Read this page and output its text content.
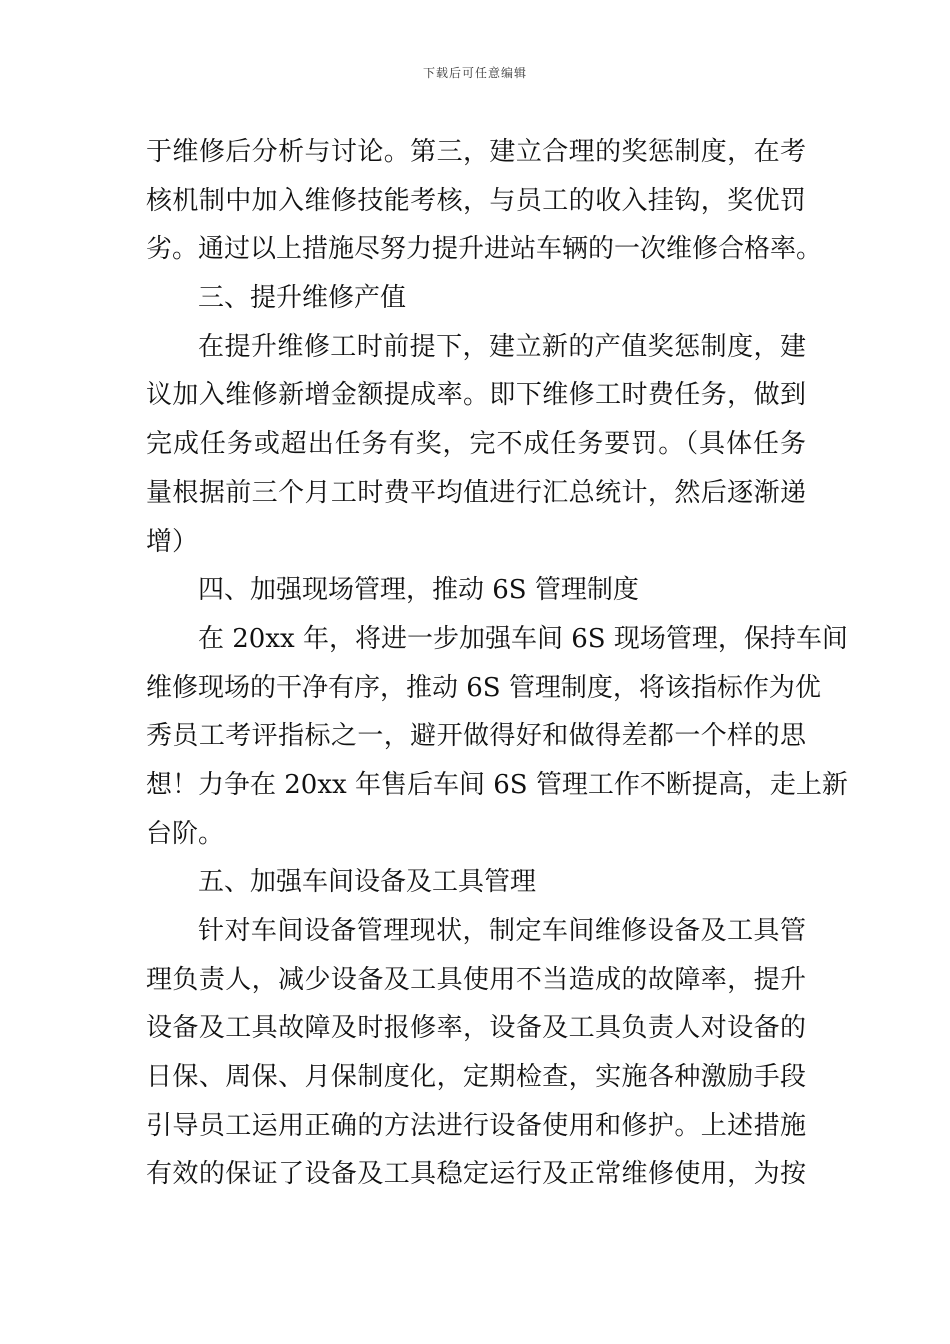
下载后可任意编辑
于维修后分析与讨论。第三，建立合理的奖惩制度，在考
核机制中加入维修技能考核，与员工的收入挂钩，奖优罚
劣。通过以上措施尽努力提升进站车辆的一次维修合格率。
三、提升维修产值
在提升维修工时前提下，建立新的产值奖惩制度，建
议加入维修新增金额提成率。即下维修工时费任务，做到
完成任务或超出任务有奖，完不成任务要罚。（具体任务
量根据前三个月工时费平均值进行汇总统计，然后逐渐递
增）
四、加强现场管理，推动 6S 管理制度
在 20xx 年，将进一步加强车间 6S 现场管理，保持车间
维修现场的干净有序，推动 6S 管理制度，将该指标作为优
秀员工考评指标之一，避开做得好和做得差都一个样的思
想！力争在 20xx 年售后车间 6S 管理工作不断提高，走上新
台阶。
五、加强车间设备及工具管理
针对车间设备管理现状，制定车间维修设备及工具管
理负责人，减少设备及工具使用不当造成的故障率，提升
设备及工具故障及时报修率，设备及工具负责人对设备的
日保、周保、月保制度化，定期检查，实施各种激励手段
引导员工运用正确的方法进行设备使用和修护。上述措施
有效的保证了设备及工具稳定运行及正常维修使用，为按
